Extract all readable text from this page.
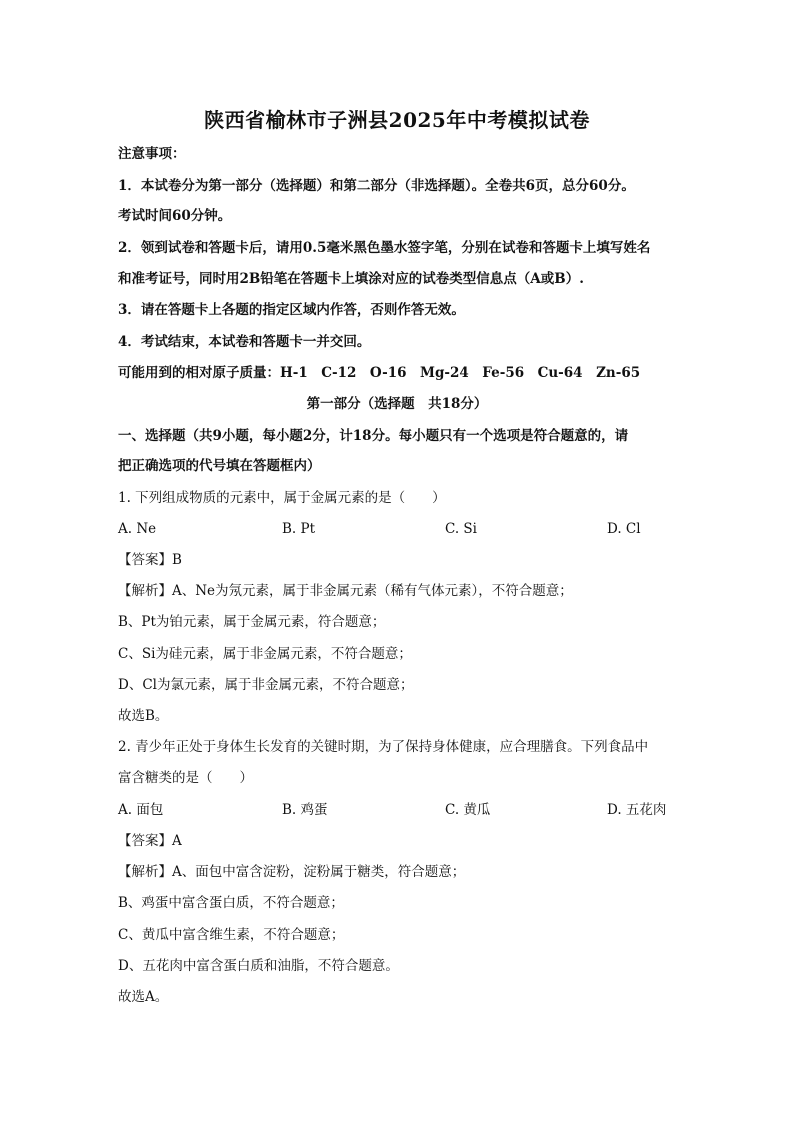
陕西省榆林市子洲县2025年中考模拟试卷
注意事项：
1．本试卷分为第一部分（选择题）和第二部分（非选择题）。全卷共6页，总分60分。
考试时间60分钟。
2．领到试卷和答题卡后，请用0.5毫米黑色墨水签字笔，分别在试卷和答题卡上填写姓名
和准考证号，同时用2B铅笔在答题卡上填涂对应的试卷类型信息点（A或B）.
3．请在答题卡上各题的指定区域内作答，否则作答无效。
4．考试结束，本试卷和答题卡一并交回。
可能用到的相对原子质量：H-1　C-12　O-16　Mg-24　Fe-56　Cu-64　Zn-65
第一部分（选择题　共18分）
一、选择题（共9小题，每小题2分，计18分。每小题只有一个选项是符合题意的，请
把正确选项的代号填在答题框内）
1. 下列组成物质的元素中，属于金属元素的是（　　）
A. Ne	B. Pt	C. Si	D. Cl
【答案】B
【解析】A、Ne为氖元素，属于非金属元素（稀有气体元素），不符合题意；
B、Pt为铂元素，属于金属元素，符合题意；
C、Si为硅元素，属于非金属元素，不符合题意；
D、Cl为氯元素，属于非金属元素，不符合题意；
故选B。
2. 青少年正处于身体生长发育的关键时期，为了保持身体健康，应合理膳食。下列食品中
富含糖类的是（　　）
A. 面包	B. 鸡蛋	C. 黄瓜	D. 五花肉
【答案】A
【解析】A、面包中富含淀粉，淀粉属于糖类，符合题意；
B、鸡蛋中富含蛋白质，不符合题意；
C、黄瓜中富含维生素，不符合题意；
D、五花肉中富含蛋白质和油脂，不符合题意。
故选A。
